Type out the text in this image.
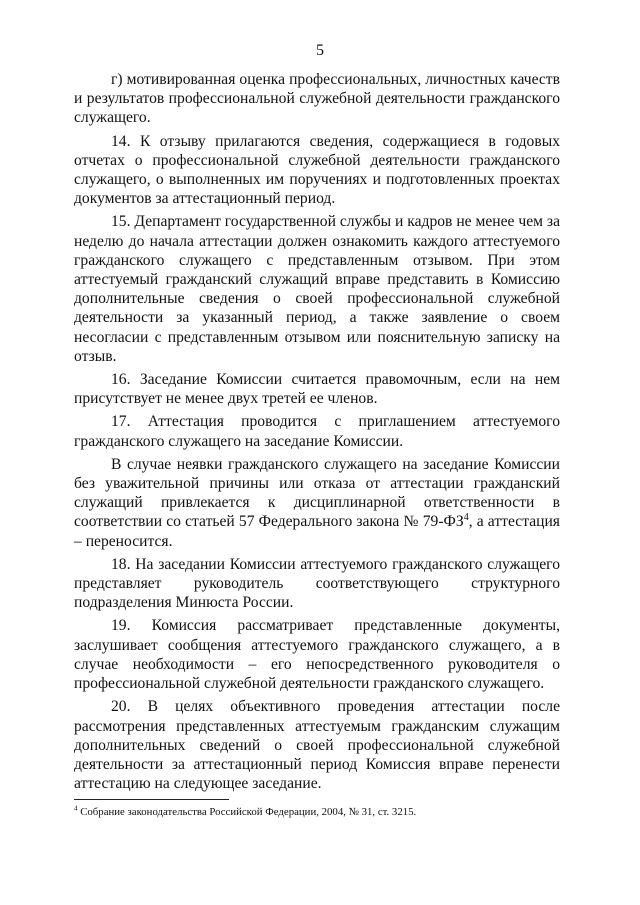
5

г) мотивированная оценка профессиональных, личностных качеств и результатов профессиональной служебной деятельности гражданского служащего.

14. К отзыву прилагаются сведения, содержащиеся в годовых отчетах о профессиональной служебной деятельности гражданского служащего, о выполненных им поручениях и подготовленных проектах документов за аттестационный период.

15. Департамент государственной службы и кадров не менее чем за неделю до начала аттестации должен ознакомить каждого аттестуемого гражданского служащего с представленным отзывом. При этом аттестуемый гражданский служащий вправе представить в Комиссию дополнительные сведения о своей профессиональной служебной деятельности за указанный период, а также заявление о своем несогласии с представленным отзывом или пояснительную записку на отзыв.

16. Заседание Комиссии считается правомочным, если на нем присутствует не менее двух третей ее членов.

17. Аттестация проводится с приглашением аттестуемого гражданского служащего на заседание Комиссии.

В случае неявки гражданского служащего на заседание Комиссии без уважительной причины или отказа от аттестации гражданский служащий привлекается к дисциплинарной ответственности в соответствии со статьей 57 Федерального закона № $79-ФЗ^4$, а аттестация – переносится.

18. На заседании Комиссии аттестуемого гражданского служащего представляет руководитель соответствующего структурного подразделения Минюста России.

19. Комиссия рассматривает представленные документы, заслушивает сообщения аттестуемого гражданского служащего, а в случае необходимости – его непосредственного руководителя о профессиональной служебной деятельности гражданского служащего.

20. В целях объективного проведения аттестации после рассмотрения представленных аттестуемым гражданским служащим дополнительных сведений о своей профессиональной служебной деятельности за аттестационный период Комиссия вправе перенести аттестацию на следующее заседание.

$^4$ Собрание законодательства Российской Федерации, 2004, № 31, ст. 3215.
